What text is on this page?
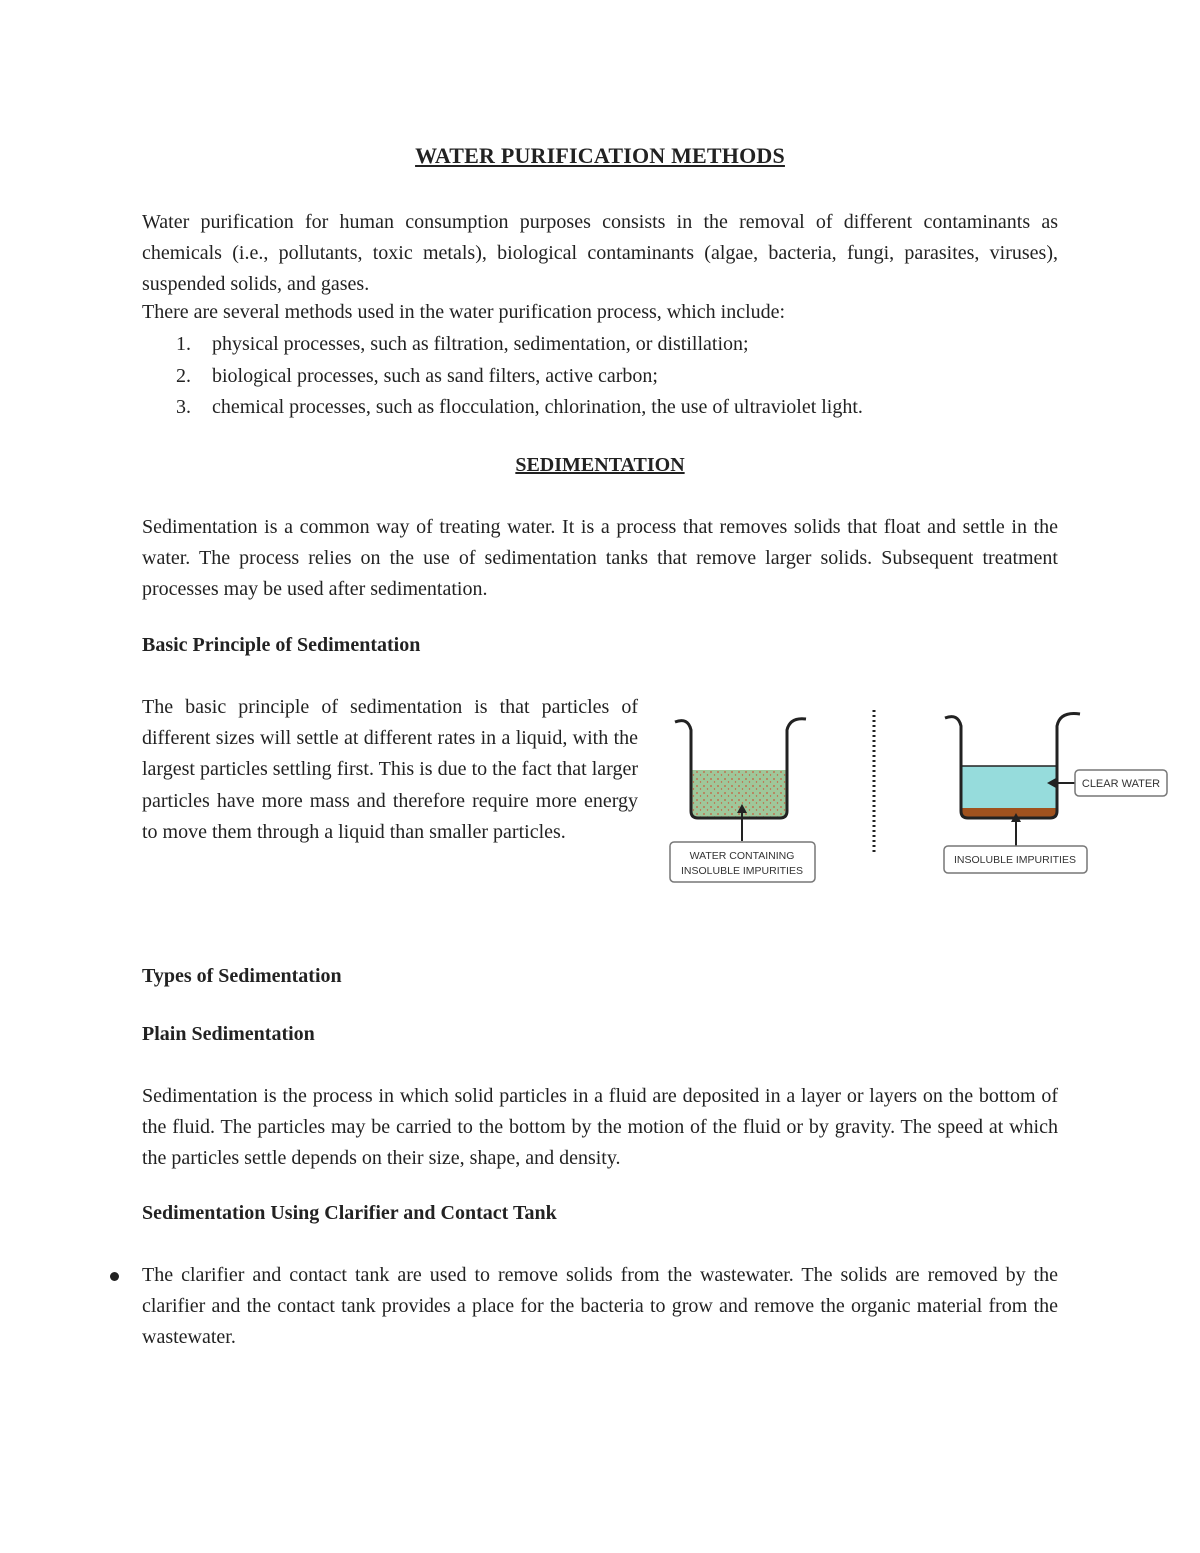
WATER PURIFICATION METHODS
Water purification for human consumption purposes consists in the removal of different contaminants as chemicals (i.e., pollutants, toxic metals), biological contaminants (algae, bacteria, fungi, parasites, viruses), suspended solids, and gases.
There are several methods used in the water purification process, which include:
1. physical processes, such as filtration, sedimentation, or distillation;
2. biological processes, such as sand filters, active carbon;
3. chemical processes, such as flocculation, chlorination, the use of ultraviolet light.
SEDIMENTATION
Sedimentation is a common way of treating water. It is a process that removes solids that float and settle in the water. The process relies on the use of sedimentation tanks that remove larger solids. Subsequent treatment processes may be used after sedimentation.
Basic Principle of Sedimentation
The basic principle of sedimentation is that particles of different sizes will settle at different rates in a liquid, with the largest particles settling first. This is due to the fact that larger particles have more mass and therefore require more energy to move them through a liquid than smaller particles.
WATER CONTAINING
INSOLUBLE IMPURITIES
CLEAR WATER
INSOLUBLE IMPURITIES
Types of Sedimentation
Plain Sedimentation
Sedimentation is the process in which solid particles in a fluid are deposited in a layer or layers on the bottom of the fluid. The particles may be carried to the bottom by the motion of the fluid or by gravity. The speed at which the particles settle depends on their size, shape, and density.
Sedimentation Using Clarifier and Contact Tank
The clarifier and contact tank are used to remove solids from the wastewater. The solids are removed by the clarifier and the contact tank provides a place for the bacteria to grow and remove the organic material from the wastewater.
